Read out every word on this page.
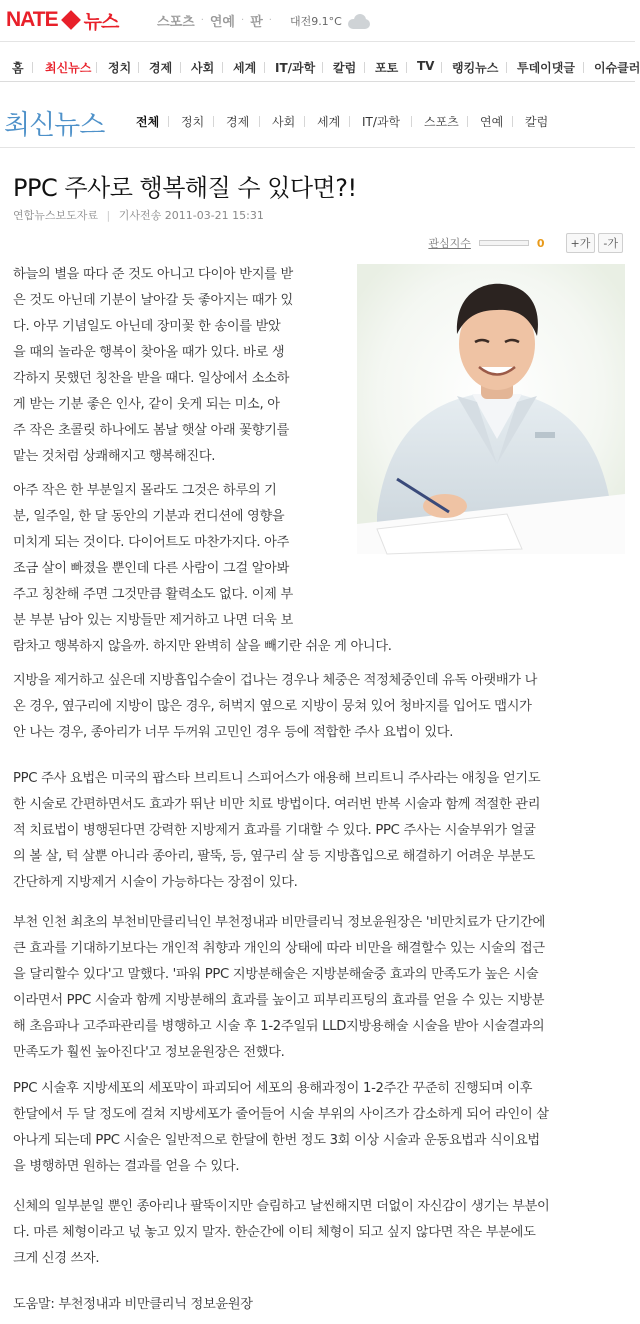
NATE 뉴스	스포츠 · 연예 · 판 · 대전9.1°C
홈 최신뉴스 정치 경제 사회 세계 IT/과학 칼럼 포토 TV 랭킹뉴스 투데이댓글 이슈클러
최신뉴스	전체 정치 경제 사회 세계 IT/과학 스포츠 연예 칼럼
PPC 주사로 행복해질 수 있다면?!
연합뉴스보도자료 | 기사전송 2011-03-21 15:31
관심지수	0	+가	-가
하늘의 별을 따다 준 것도 아니고 다이아 반지를 받
은 것도 아닌데 기분이 날아갈 듯 좋아지는 때가 있
다. 아무 기념일도 아닌데 장미꽃 한 송이를 받았
을 때의 놀라운 행복이 찾아올 때가 있다. 바로 생
각하지 못했던 칭찬을 받을 때다. 일상에서 소소하
게 받는 기분 좋은 인사, 같이 웃게 되는 미소, 아
주 작은 초콜릿 하나에도 봄날 햇살 아래 꽃향기를
맡는 것처럼 상쾌해지고 행복해진다.
아주 작은 한 부분일지 몰라도 그것은 하루의 기
분, 일주일, 한 달 동안의 기분과 컨디션에 영향을
미치게 되는 것이다. 다이어트도 마찬가지다. 아주
조금 살이 빠졌을 뿐인데 다른 사람이 그걸 알아봐
주고 칭찬해 주면 그것만큼 활력소도 없다. 이제 부
분 부분 남아 있는 지방들만 제거하고 나면 더욱 보
람차고 행복하지 않을까. 하지만 완벽히 살을 빼기란 쉬운 게 아니다.
지방을 제거하고 싶은데 지방흡입수술이 겁나는 경우나 체중은 적정체중인데 유독 아랫배가 나
온 경우, 옆구리에 지방이 많은 경우, 허벅지 옆으로 지방이 뭉쳐 있어 청바지를 입어도 맵시가
안 나는 경우, 종아리가 너무 두꺼워 고민인 경우 등에 적합한 주사 요법이 있다.
PPC 주사 요법은 미국의 팝스타 브리트니 스피어스가 애용해 브리트니 주사라는 애칭을 얻기도
한 시술로 간편하면서도 효과가 뛰난 비만 치료 방법이다. 여러번 반복 시술과 함께 적절한 관리
적 치료법이 병행된다면 강력한 지방제거 효과를 기대할 수 있다. PPC 주사는 시술부위가 얼굴
의 볼 살, 턱 살뿐 아니라 종아리, 팔뚝, 등, 옆구리 살 등 지방흡입으로 해결하기 어려운 부분도
간단하게 지방제거 시술이 가능하다는 장점이 있다.
부천 인천 최초의 부천비만클리닉인 부천정내과 비만클리닉 정보윤원장은 '비만치료가 단기간에
큰 효과를 기대하기보다는 개인적 취향과 개인의 상태에 따라 비만을 해결할수 있는 시술의 접근
을 달리할수 있다'고 말했다. '파워 PPC 지방분해술은 지방분해술중 효과의 만족도가 높은 시술
이라면서 PPC 시술과 함께 지방분해의 효과를 높이고 피부리프팅의 효과를 얻을 수 있는 지방분
해 초음파나 고주파관리를 병행하고 시술 후 1-2주일뒤 LLD지방용해술 시술을 받아 시술결과의
만족도가 훨씬 높아진다'고 정보윤원장은 전했다.
PPC 시술후 지방세포의 세포막이 파괴되어 세포의 용해과정이 1-2주간 꾸준히 진행되며 이후
한달에서 두 달 정도에 걸쳐 지방세포가 줄어들어 시술 부위의 사이즈가 감소하게 되어 라인이 살
아나게 되는데 PPC 시술은 일반적으로 한달에 한번 정도 3회 이상 시술과 운동요법과 식이요법
을 병행하면 원하는 결과를 얻을 수 있다.
신체의 일부분일 뿐인 종아리나 팔뚝이지만 슬림하고 날씬해지면 더없이 자신감이 생기는 부분이
다. 마른 체형이라고 넋 놓고 있지 말자. 한순간에 이티 체형이 되고 싶지 않다면 작은 부분에도
크게 신경 쓰자.
도움말: 부천정내과 비만클리닉 정보윤원장
